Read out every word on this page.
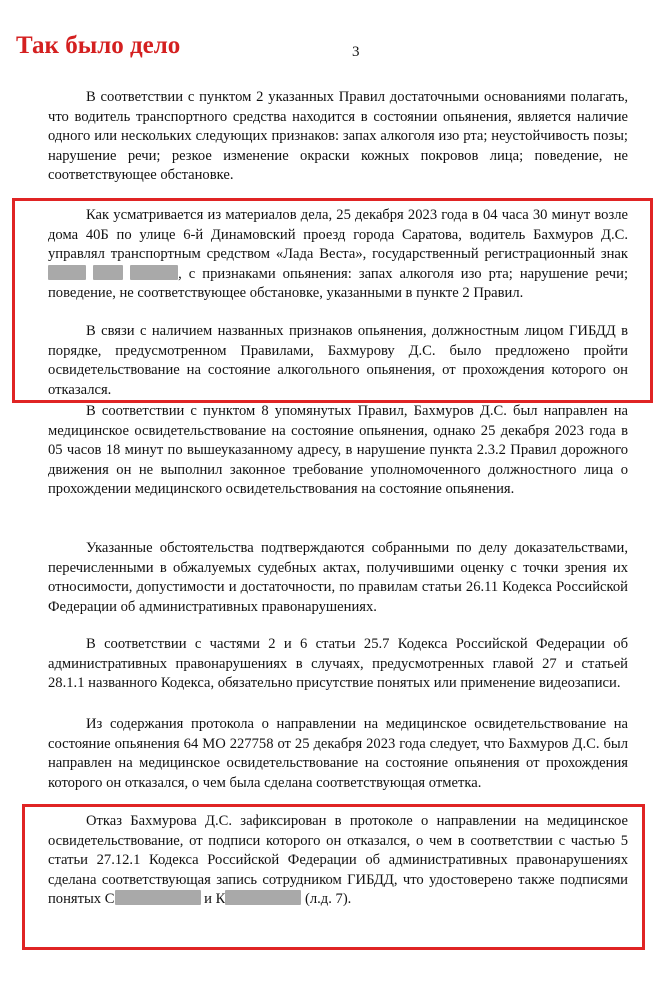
Так было дело	3

В соответствии с пунктом 2 указанных Правил достаточными основаниями полагать, что водитель транспортного средства находится в состоянии опьянения, является наличие одного или нескольких следующих признаков: запах алкоголя изо рта; неустойчивость позы; нарушение речи; резкое изменение окраски кожных покровов лица; поведение, не соответствующее обстановке.

Как усматривается из материалов дела, 25 декабря 2023 года в 04 часа 30 минут возле дома 40Б по улице 6-й Динамовский проезд города Саратова, водитель Бахмуров Д.С. управлял транспортным средством «Лада Веста», государственный регистрационный знак   , с признаками опьянения: запах алкоголя изо рта; нарушение речи; поведение, не соответствующее обстановке, указанными в пункте 2 Правил.

В связи с наличием названных признаков опьянения, должностным лицом ГИБДД в порядке, предусмотренном Правилами, Бахмурову Д.С. было предложено пройти освидетельствование на состояние алкогольного опьянения, от прохождения которого он отказался.

В соответствии с пунктом 8 упомянутых Правил, Бахмуров Д.С. был направлен на медицинское освидетельствование на состояние опьянения, однако 25 декабря 2023 года в 05 часов 18 минут по вышеуказанному адресу, в нарушение пункта 2.3.2 Правил дорожного движения он не выполнил законное требование уполномоченного должностного лица о прохождении медицинского освидетельствования на состояние опьянения.

Указанные обстоятельства подтверждаются собранными по делу доказательствами, перечисленными в обжалуемых судебных актах, получившими оценку с точки зрения их относимости, допустимости и достаточности, по правилам статьи 26.11 Кодекса Российской Федерации об административных правонарушениях.

В соответствии с частями 2 и 6 статьи 25.7 Кодекса Российской Федерации об административных правонарушениях в случаях, предусмотренных главой 27 и статьей 28.1.1 названного Кодекса, обязательно присутствие понятых или применение видеозаписи.

Из содержания протокола о направлении на медицинское освидетельствование на состояние опьянения 64 МО 227758 от 25 декабря 2023 года следует, что Бахмуров Д.С. был направлен на медицинское освидетельствование на состояние опьянения от прохождения которого он отказался, о чем была сделана соответствующая отметка.

Отказ Бахмурова Д.С. зафиксирован в протоколе о направлении на медицинское освидетельствование, от подписи которого он отказался, о чем в соответствии с частью 5 статьи 27.12.1 Кодекса Российской Федерации об административных правонарушениях сделана соответствующая запись сотрудником ГИБДД, что удостоверено также подписями понятых С	и К	(л.д. 7).
